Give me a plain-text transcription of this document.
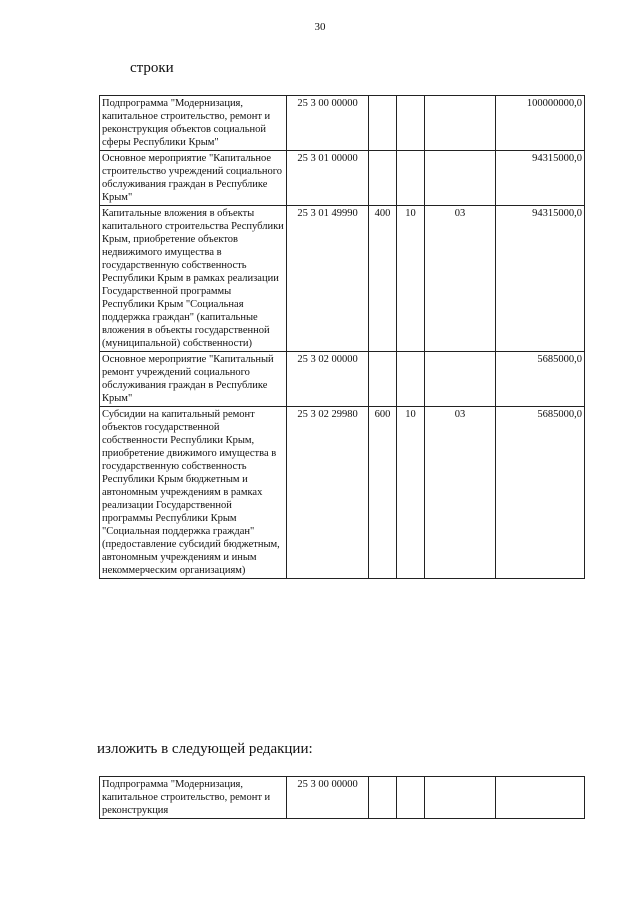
30
строки
Подпрограмма "Модернизация, капитальное строительство, ремонт и реконструкция объектов социальной сферы Республики Крым"	25 3 00 00000				100000000,0
Основное мероприятие "Капитальное строительство учреждений социального обслуживания граждан в Республике Крым"	25 3 01 00000				94315000,0
Капитальные вложения в объекты капитального строительства Республики Крым, приобретение объектов недвижимого имущества в государственную собственность Республики Крым в рамках реализации Государственной программы Республики Крым "Социальная поддержка граждан" (капитальные вложения в объекты государственной (муниципальной) собственности)	25 3 01 49990	400	10	03	94315000,0
Основное мероприятие "Капитальный ремонт учреждений социального обслуживания граждан в Республике Крым"	25 3 02 00000				5685000,0
Субсидии на капитальный ремонт объектов государственной собственности Республики Крым, приобретение движимого имущества в государственную собственность Республики Крым бюджетным и автономным учреждениям в рамках реализации Государственной программы Республики Крым "Социальная поддержка граждан" (предоставление субсидий бюджетным, автономным учреждениям и иным некоммерческим организациям)	25 3 02 29980	600	10	03	5685000,0
изложить в следующей редакции:
Подпрограмма "Модернизация, капитальное строительство, ремонт и реконструкция	25 3 00 00000				
